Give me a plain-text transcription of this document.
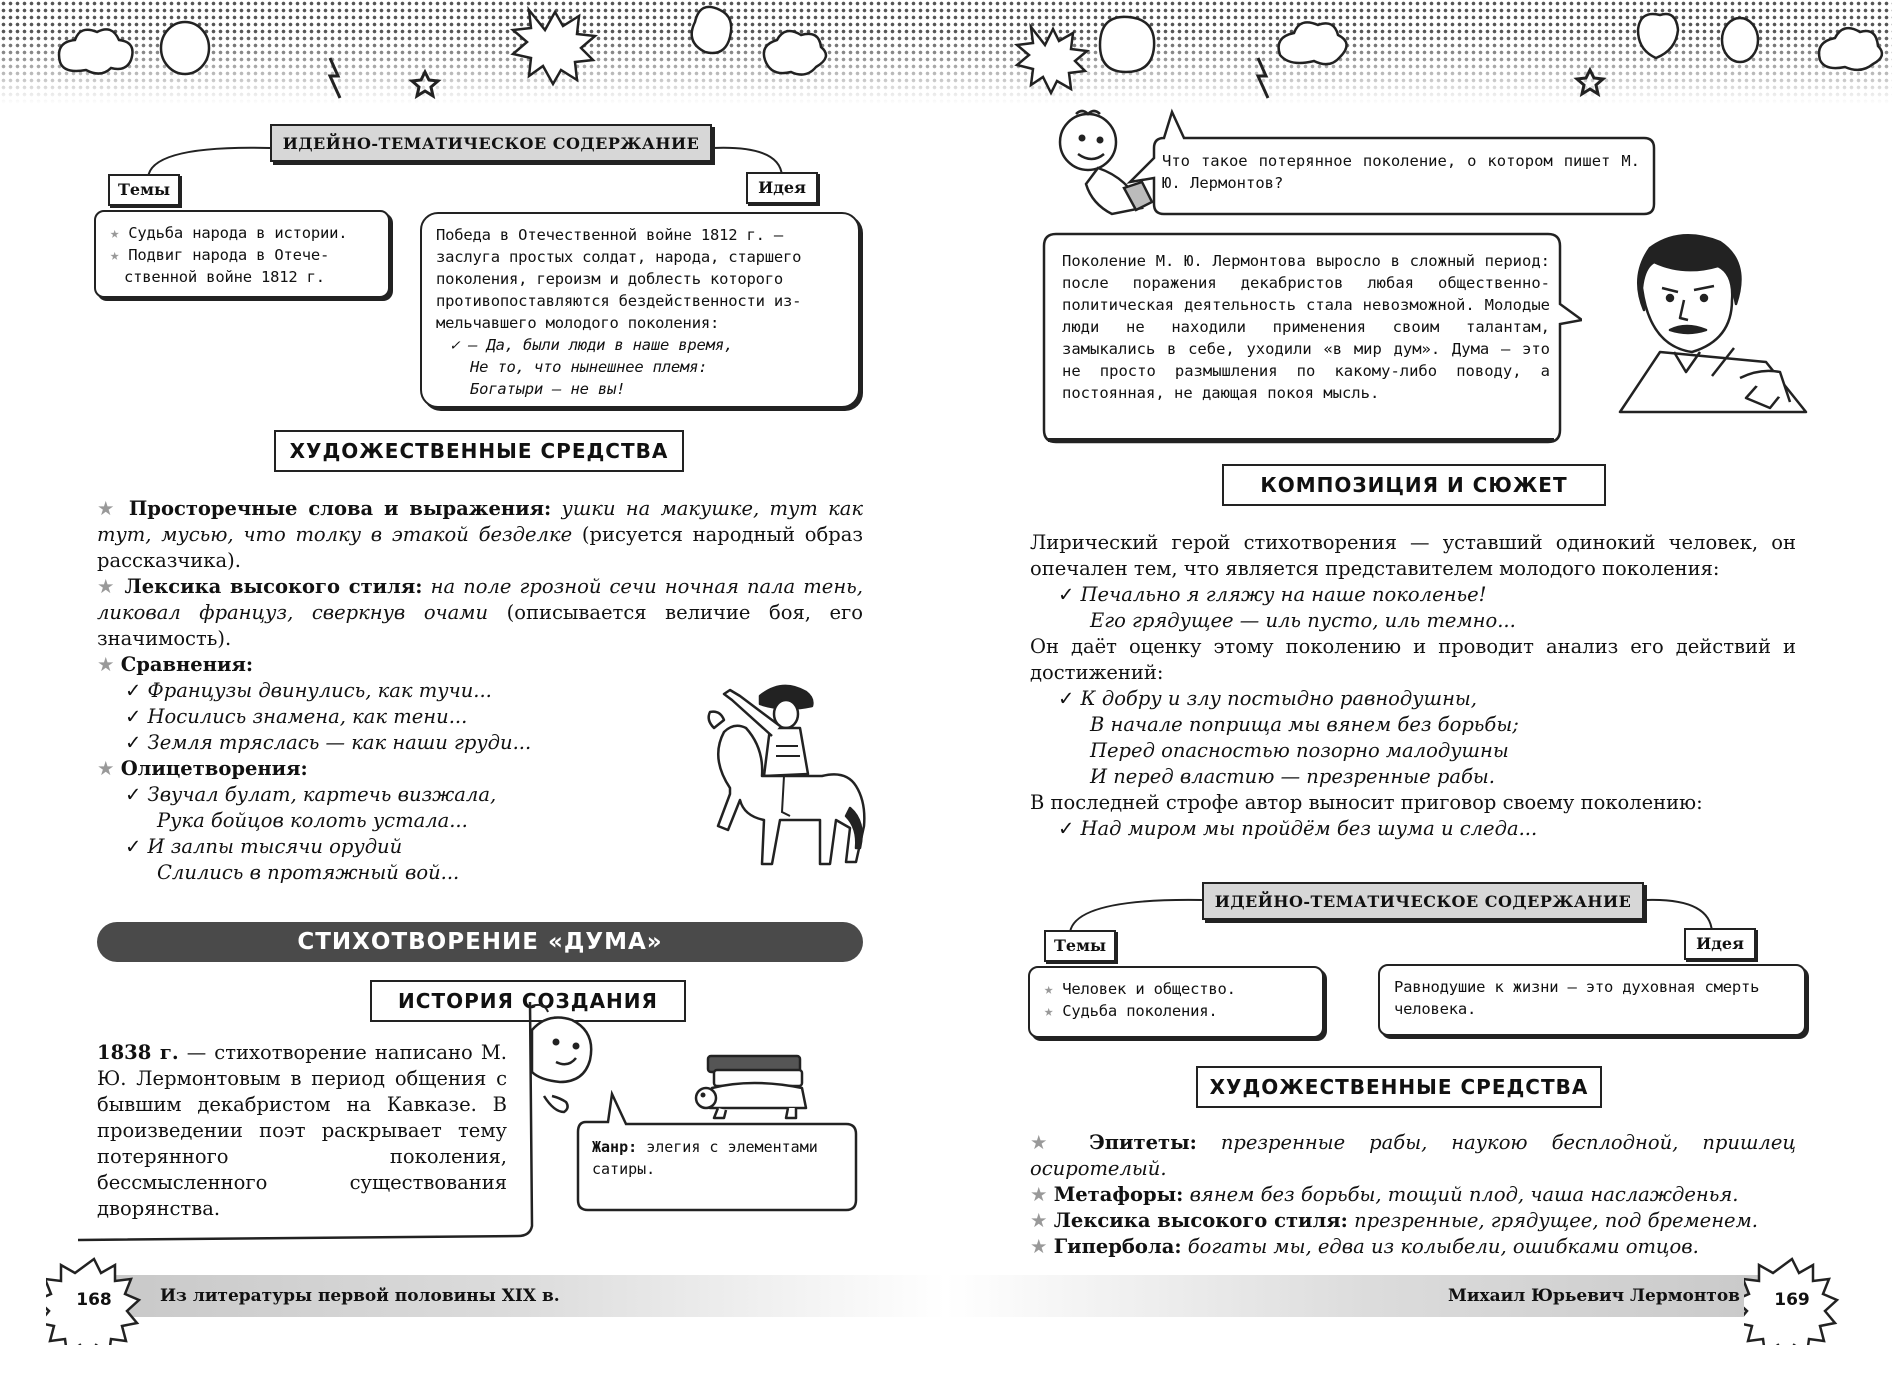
ИДЕЙНО-ТЕМАТИЧЕСКОЕ СОДЕРЖАНИЕ
Темы	Идея
★ Судьба народа в истории.
★ Подвиг народа в Отече-
ственной войне 1812 г.
Победа в Отечественной войне 1812 г. —
заслуга простых солдат, народа, старшего
поколения, героизм и доблесть которого
противопоставляются бездейственности из-
мельчавшего молодого поколения:
✓ — Да, были люди в наше время,
Не то, что нынешнее племя:
Богатыри — не вы!
ХУДОЖЕСТВЕННЫЕ СРЕДСТВА
★ Просторечные слова и выражения: ушки на макушке, тут как тут, мусью, что толку в этакой безделке (рисуется народный образ рассказчика).
★ Лексика высокого стиля: на поле грозной сечи ночная пала тень, ликовал француз, сверкнув очами (описывается величие боя, его значимость).
★ Сравнения:
✓ Французы двинулись, как тучи...
✓ Носились знамена, как тени...
✓ Земля тряслась — как наши груди...
★ Олицетворения:
✓ Звучал булат, картечь визжала,
Рука бойцов колоть устала...
✓ И залпы тысячи орудий
Слились в протяжный вой...
СТИХОТВОРЕНИЕ «ДУМА»
ИСТОРИЯ СОЗДАНИЯ
1838 г. — стихотворение написано М. Ю. Лермонтовым в период общения с бывшим декабристом на Кавказе. В произведении поэт раскрывает тему потерянного поколения, бессмысленного существования дворянства.
Жанр: элегия с элементами сатиры.
Из литературы первой половины XIX в.
168
Что такое потерянное поколение, о котором пишет М. Ю. Лермонтов?
Поколение М. Ю. Лермонтова выросло в сложный период: после поражения декабристов любая общественно-политическая деятельность стала невозможной. Молодые люди не находили применения своим талантам, замыкались в себе, уходили «в мир дум». Дума — это не просто размышления по какому-либо поводу, а постоянная, не дающая покоя мысль.
КОМПОЗИЦИЯ И СЮЖЕТ
Лирический герой стихотворения — уставший одинокий человек, он опечален тем, что является представителем молодого поколения:
✓ Печально я гляжу на наше поколенье!
Его грядущее — иль пусто, иль темно...
Он даёт оценку этому поколению и проводит анализ его действий и достижений:
✓ К добру и злу постыдно равнодушны,
В начале поприща мы вянем без борьбы;
Перед опасностью позорно малодушны
И перед властию — презренные рабы.
В последней строфе автор выносит приговор своему поколению:
✓ Над миром мы пройдём без шума и следа...
ИДЕЙНО-ТЕМАТИЧЕСКОЕ СОДЕРЖАНИЕ
Темы	Идея
★ Человек и общество.
★ Судьба поколения.
Равнодушие к жизни — это духовная смерть человека.
ХУДОЖЕСТВЕННЫЕ СРЕДСТВА
★ Эпитеты: презренные рабы, наукою бесплодной, пришлец осиротелый.
★ Метафоры: вянем без борьбы, тощий плод, чаша наслажденья.
★ Лексика высокого стиля: презренные, грядущее, под бременем.
★ Гипербола: богаты мы, едва из колыбели, ошибками отцов.
Михаил Юрьевич Лермонтов	169
